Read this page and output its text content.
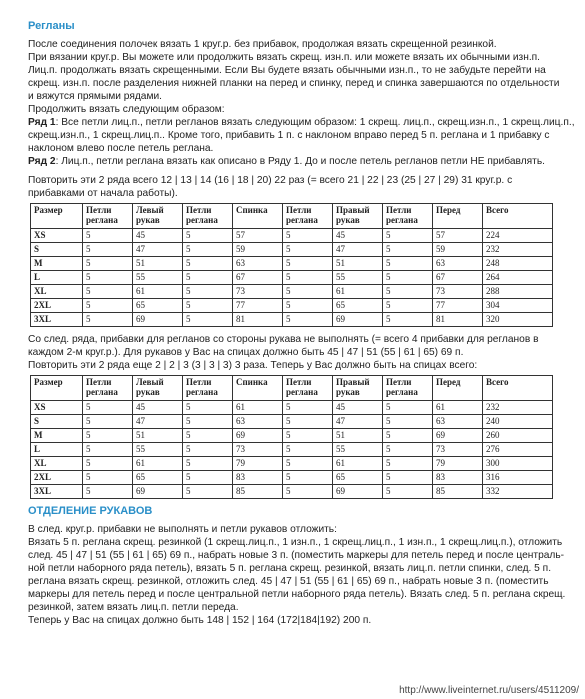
Регланы
После соединения полочек вязать 1 круг.р. без прибавок, продолжая вязать скрещенной резинкой.
При вязании круг.р. Вы можете или продолжить вязать скрещ. изн.п. или можете вязать их обычными изн.п.
Лиц.п. продолжать вязать скрещенными. Если Вы будете вязать обычными изн.п., то не забудьте перейти на
скрещ. изн.п. после разделения нижней планки на перед и спинку, перед и спинка завершаются по отдельности
и вяжутся прямыми рядами.
Продолжить вязать следующим образом:
Ряд 1: Все петли лиц.п., петли регланов вязать следующим образом: 1 скрещ. лиц.п., скрещ.изн.п., 1 скрещ.лиц.п.,
скрещ.изн.п., 1 скрещ.лиц.п.. Кроме того, прибавить 1 п. с наклоном вправо перед 5 п. реглана и 1 прибавку с
наклоном влево после петель реглана.
Ряд 2: Лиц.п., петли реглана вязать как описано в Ряду 1. До и после петель регланов петли НЕ прибавлять.
Повторить эти 2 ряда всего 12 | 13 | 14 (16 | 18 | 20) 22 раз (= всего 21 | 22 | 23 (25 | 27 | 29) 31 круг.р. с
прибавками от начала работы).
Размер	Петли реглана	Левый рукав	Петли реглана	Спинка	Петли реглана	Правый рукав	Петли реглана	Перед	Всего
XS	5	45	5	57	5	45	5	57	224
S	5	47	5	59	5	47	5	59	232
M	5	51	5	63	5	51	5	63	248
L	5	55	5	67	5	55	5	67	264
XL	5	61	5	73	5	61	5	73	288
2XL	5	65	5	77	5	65	5	77	304
3XL	5	69	5	81	5	69	5	81	320
Со след. ряда, прибавки для регланов со стороны рукава не выполнять (= всего 4 прибавки для регланов в
каждом 2-м круг.р.). Для рукавов у Вас на спицах должно быть 45 | 47 | 51 (55 | 61 | 65) 69 п.
Повторить эти 2 ряда еще 2 | 2 | 3 (3 | 3 | 3) 3 раза. Теперь у Вас должно быть на спицах всего:
Размер	Петли реглана	Левый рукав	Петли реглана	Спинка	Петли реглана	Правый рукав	Петли реглана	Перед	Всего
XS	5	45	5	61	5	45	5	61	232
S	5	47	5	63	5	47	5	63	240
M	5	51	5	69	5	51	5	69	260
L	5	55	5	73	5	55	5	73	276
XL	5	61	5	79	5	61	5	79	300
2XL	5	65	5	83	5	65	5	83	316
3XL	5	69	5	85	5	69	5	85	332
ОТДЕЛЕНИЕ РУКАВОВ
В след. круг.р. прибавки не выполнять и петли рукавов отложить:
Вязать 5 п. реглана скрещ. резинкой (1 скрещ.лиц.п., 1 изн.п., 1 скрещ.лиц.п., 1 изн.п., 1 скрещ.лиц.п.), отложить
след. 45 | 47 | 51 (55 | 61 | 65) 69 п., набрать новые 3 п. (поместить маркеры для петель перед и после централь-
ной петли наборного ряда петель), вязать 5 п. реглана скрещ. резинкой, вязать лиц.п. петли спинки, след. 5 п.
реглана вязать скрещ. резинкой, отложить след. 45 | 47 | 51 (55 | 61 | 65) 69 п., набрать новые 3 п. (поместить
маркеры для петель перед и после центральной петли наборного ряда петель). Вязать след. 5 п. реглана скрещ.
резинкой, затем вязать лиц.п. петли переда.
Теперь у Вас на спицах должно быть 148 | 152 | 164 (172|184|192) 200 п.
http://www.liveinternet.ru/users/4511209/
